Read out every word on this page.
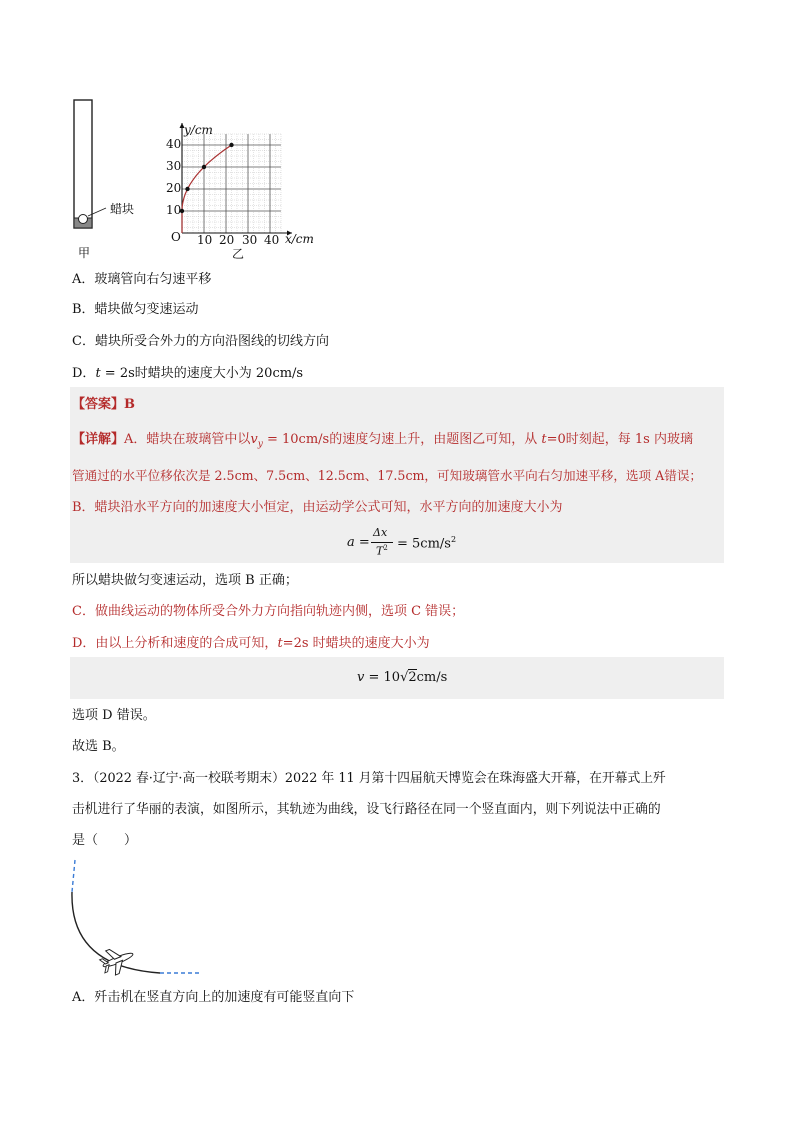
蜡块
甲
y/cm
x/cm
40
30
20
10
O 10 20 30 40
乙
A．玻璃管向右匀速平移
B．蜡块做匀变速运动
C．蜡块所受合外力的方向沿图线的切线方向
D．t = 2s时蜡块的速度大小为 20cm/s
【答案】B
【详解】A．蜡块在玻璃管中以$v_y = 10cm/s$的速度匀速上升，由题图乙可知，从 t=0时刻起，每 1s 内玻璃
管通过的水平位移依次是 2.5cm、7.5cm、12.5cm、17.5cm，可知玻璃管水平向右匀加速平移，选项 A错误；
B．蜡块沿水平方向的加速度大小恒定，由运动学公式可知，水平方向的加速度大小为
a =
Δx
$T^2 = 5cm/s^2$
所以蜡块做匀变速运动，选项 B 正确；
C．做曲线运动的物体所受合外力方向指向轨迹内侧，选项 C 错误；
D．由以上分析和速度的合成可知，t=2s 时蜡块的速度大小为
v = 10√2cm/s
选项 D 错误。
故选 B。
3．（2022 春·辽宁·高一校联考期末）2022 年 11 月第十四届航天博览会在珠海盛大开幕，在开幕式上歼
击机进行了华丽的表演，如图所示，其轨迹为曲线，设飞行路径在同一个竖直面内，则下列说法中正确的
是（　　）
A．歼击机在竖直方向上的加速度有可能竖直向下
